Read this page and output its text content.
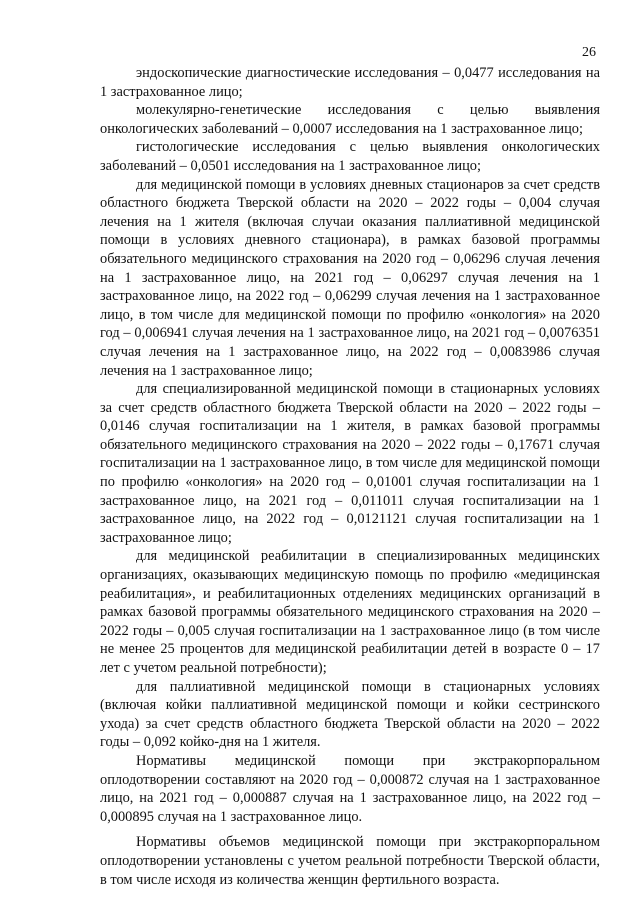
26

эндоскопические диагностические исследования – 0,0477 исследования на 1 застрахованное лицо;

молекулярно-генетические исследования с целью выявления онкологических заболеваний – 0,0007 исследования на 1 застрахованное лицо;

гистологические исследования с целью выявления онкологических заболеваний – 0,0501 исследования на 1 застрахованное лицо;

для медицинской помощи в условиях дневных стационаров за счет средств областного бюджета Тверской области на 2020 – 2022 годы – 0,004 случая лечения на 1 жителя (включая случаи оказания паллиативной медицинской помощи в условиях дневного стационара), в рамках базовой программы обязательного медицинского страхования на 2020 год – 0,06296 случая лечения на 1 застрахованное лицо, на 2021 год – 0,06297 случая лечения на 1 застрахованное лицо, на 2022 год – 0,06299 случая лечения на 1 застрахованное лицо, в том числе для медицинской помощи по профилю «онкология» на 2020 год – 0,006941 случая лечения на 1 застрахованное лицо, на 2021 год – 0,0076351 случая лечения на 1 застрахованное лицо, на 2022 год – 0,0083986 случая лечения на 1 застрахованное лицо;

для специализированной медицинской помощи в стационарных условиях за счет средств областного бюджета Тверской области на 2020 – 2022 годы – 0,0146 случая госпитализации на 1 жителя, в рамках базовой программы обязательного медицинского страхования на 2020 – 2022 годы – 0,17671 случая госпитализации на 1 застрахованное лицо, в том числе для медицинской помощи по профилю «онкология» на 2020 год – 0,01001 случая госпитализации на 1 застрахованное лицо, на 2021 год – 0,011011 случая госпитализации на 1 застрахованное лицо, на 2022 год – 0,0121121 случая госпитализации на 1 застрахованное лицо;

для медицинской реабилитации в специализированных медицинских организациях, оказывающих медицинскую помощь по профилю «медицинская реабилитация», и реабилитационных отделениях медицинских организаций в рамках базовой программы обязательного медицинского страхования на 2020 – 2022 годы – 0,005 случая госпитализации на 1 застрахованное лицо (в том числе не менее 25 процентов для медицинской реабилитации детей в возрасте 0 – 17 лет с учетом реальной потребности);

для паллиативной медицинской помощи в стационарных условиях (включая койки паллиативной медицинской помощи и койки сестринского ухода) за счет средств областного бюджета Тверской области на 2020 – 2022 годы – 0,092 койко-дня на 1 жителя.

Нормативы медицинской помощи при экстракорпоральном оплодотворении составляют на 2020 год – 0,000872 случая на 1 застрахованное лицо, на 2021 год – 0,000887 случая на 1 застрахованное лицо, на 2022 год – 0,000895 случая на 1 застрахованное лицо.

Нормативы объемов медицинской помощи при экстракорпоральном оплодотворении установлены с учетом реальной потребности Тверской области, в том числе исходя из количества женщин фертильного возраста.
